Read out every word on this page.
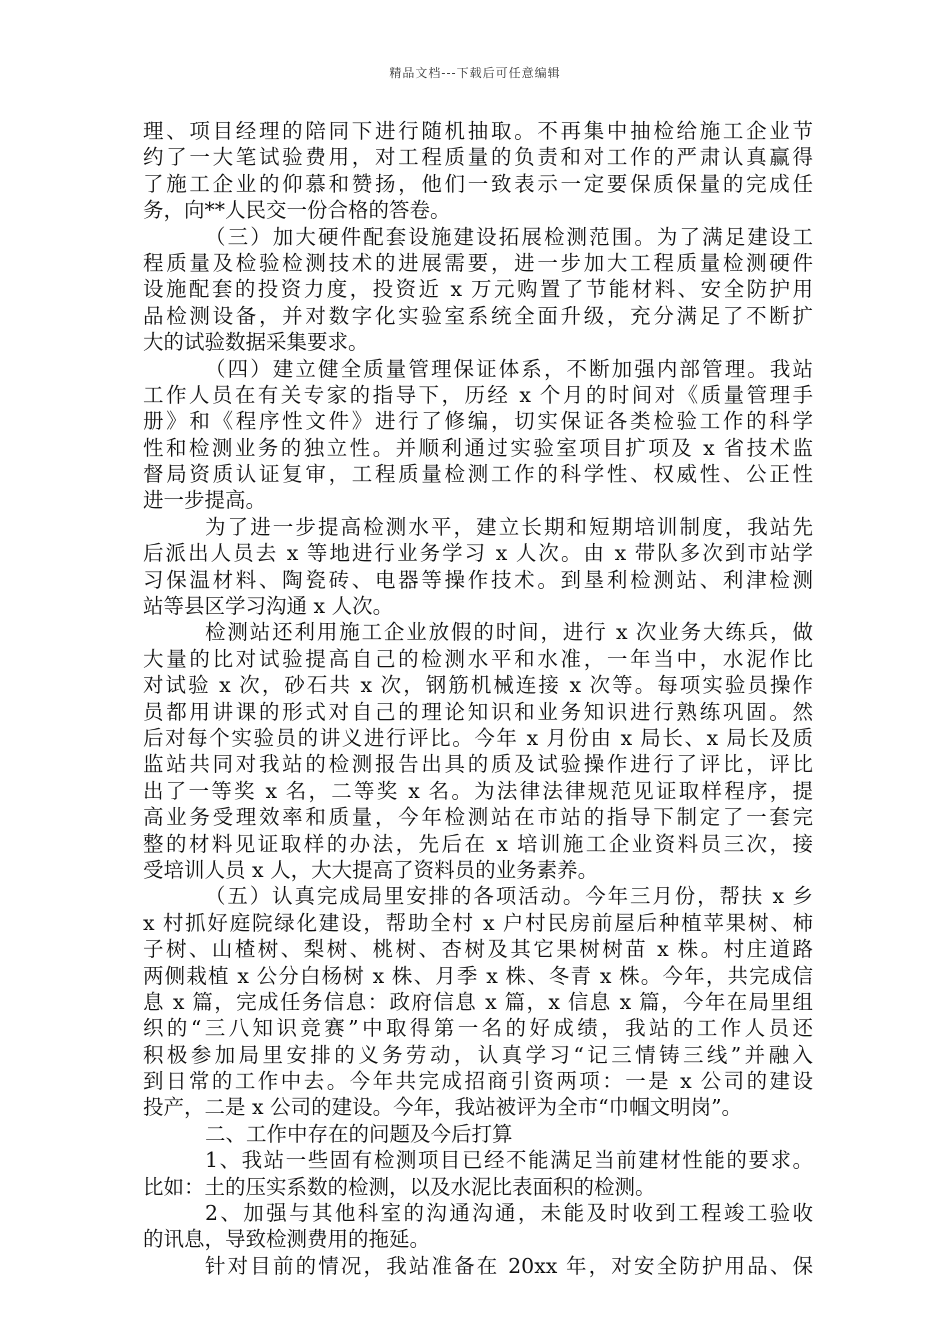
精品文档---下载后可任意编辑
理、项目经理的陪同下进行随机抽取。不再集中抽检给施工企业节
约了一大笔试验费用，对工程质量的负责和对工作的严肃认真赢得
了施工企业的仰慕和赞扬，他们一致表示一定要保质保量的完成任
务，向**人民交一份合格的答卷。
（三）加大硬件配套设施建设拓展检测范围。为了满足建设工
程质量及检验检测技术的进展需要，进一步加大工程质量检测硬件
设施配套的投资力度，投资近 x 万元购置了节能材料、安全防护用
品检测设备，并对数字化实验室系统全面升级，充分满足了不断扩
大的试验数据采集要求。
（四）建立健全质量管理保证体系，不断加强内部管理。我站
工作人员在有关专家的指导下，历经 x 个月的时间对《质量管理手
册》和《程序性文件》进行了修编，切实保证各类检验工作的科学
性和检测业务的独立性。并顺利通过实验室项目扩项及 x 省技术监
督局资质认证复审，工程质量检测工作的科学性、权威性、公正性
进一步提高。
为了进一步提高检测水平，建立长期和短期培训制度，我站先
后派出人员去 x 等地进行业务学习 x 人次。由 x 带队多次到市站学
习保温材料、陶瓷砖、电器等操作技术。到垦利检测站、利津检测
站等县区学习沟通 x 人次。
检测站还利用施工企业放假的时间，进行 x 次业务大练兵，做
大量的比对试验提高自己的检测水平和水准，一年当中，水泥作比
对试验 x 次，砂石共 x 次，钢筋机械连接 x 次等。每项实验员操作
员都用讲课的形式对自己的理论知识和业务知识进行熟练巩固。然
后对每个实验员的讲义进行评比。今年 x 月份由 x 局长、x 局长及质
监站共同对我站的检测报告出具的质及试验操作进行了评比，评比
出了一等奖 x 名，二等奖 x 名。为法律法律规范见证取样程序，提
高业务受理效率和质量，今年检测站在市站的指导下制定了一套完
整的材料见证取样的办法，先后在 x 培训施工企业资料员三次，接
受培训人员 x 人，大大提高了资料员的业务素养。
（五）认真完成局里安排的各项活动。今年三月份，帮扶 x 乡
x 村抓好庭院绿化建设，帮助全村 x 户村民房前屋后种植苹果树、柿
子树、山楂树、梨树、桃树、杏树及其它果树树苗 x 株。村庄道路
两侧栽植 x 公分白杨树 x 株、月季 x 株、冬青 x 株。今年，共完成信
息 x 篇，完成任务信息：政府信息 x 篇，x 信息 x 篇，今年在局里组
织的“三八知识竞赛”中取得第一名的好成绩，我站的工作人员还
积极参加局里安排的义务劳动，认真学习“记三情铸三线”并融入
到日常的工作中去。今年共完成招商引资两项：一是 x 公司的建设
投产，二是 x 公司的建设。今年，我站被评为全市“巾帼文明岗”。
二、工作中存在的问题及今后打算
1、我站一些固有检测项目已经不能满足当前建材性能的要求。
比如：土的压实系数的检测，以及水泥比表面积的检测。
2、加强与其他科室的沟通沟通，未能及时收到工程竣工验收
的讯息，导致检测费用的拖延。
针对目前的情况，我站准备在 20xx 年，对安全防护用品、保
